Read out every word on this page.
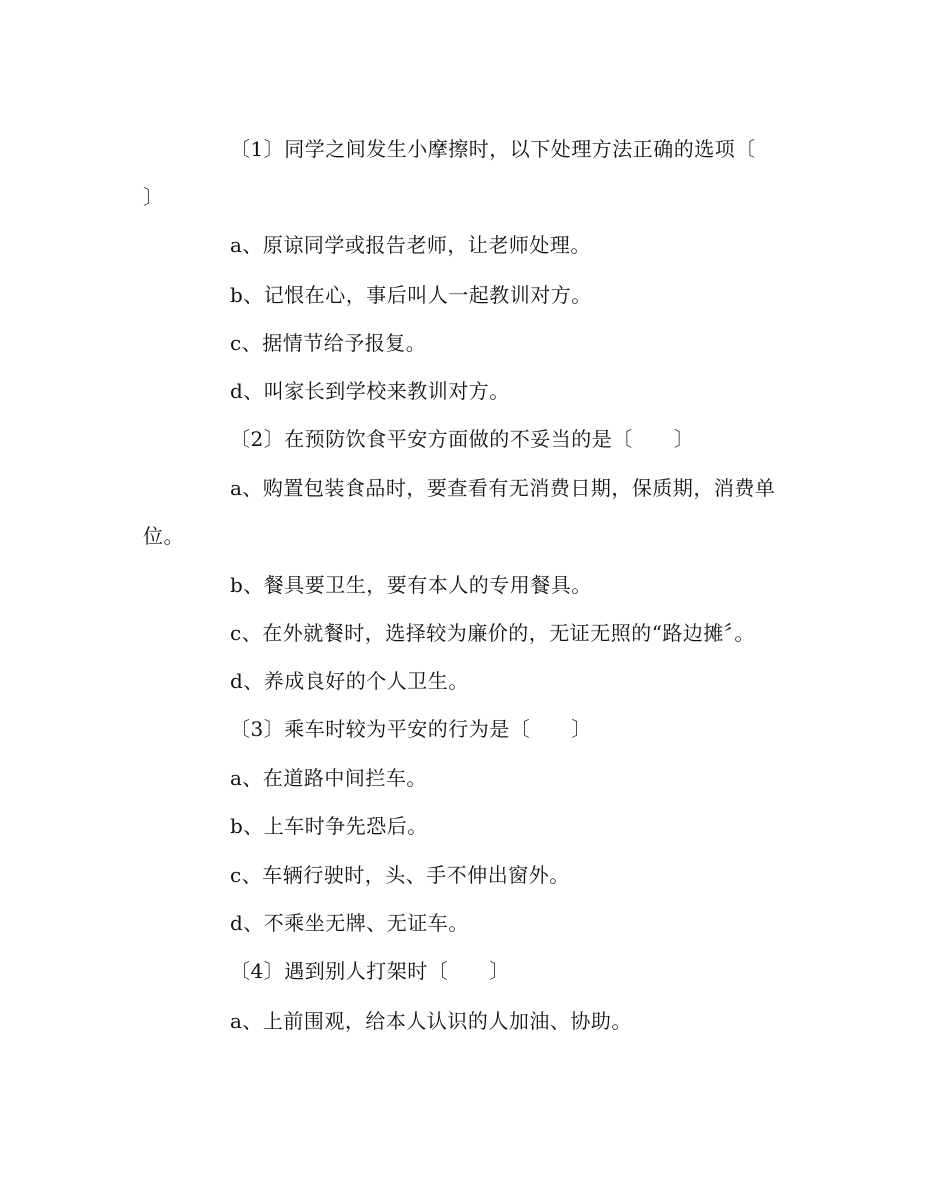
〔1〕同学之间发生小摩擦时，以下处理方法正确的选项〔
〕
a、原谅同学或报告老师，让老师处理。
b、记恨在心，事后叫人一起教训对方。
c、据情节给予报复。
d、叫家长到学校来教训对方。
〔2〕在预防饮食平安方面做的不妥当的是〔　　〕
a、购置包装食品时，要查看有无消费日期，保质期，消费单
位。
b、餐具要卫生，要有本人的专用餐具。
c、在外就餐时，选择较为廉价的，无证无照的“路边摊〞。
d、养成良好的个人卫生。
〔3〕乘车时较为平安的行为是〔　　〕
a、在道路中间拦车。
b、上车时争先恐后。
c、车辆行驶时，头、手不伸出窗外。
d、不乘坐无牌、无证车。
〔4〕遇到别人打架时〔　　〕
a、上前围观，给本人认识的人加油、协助。
